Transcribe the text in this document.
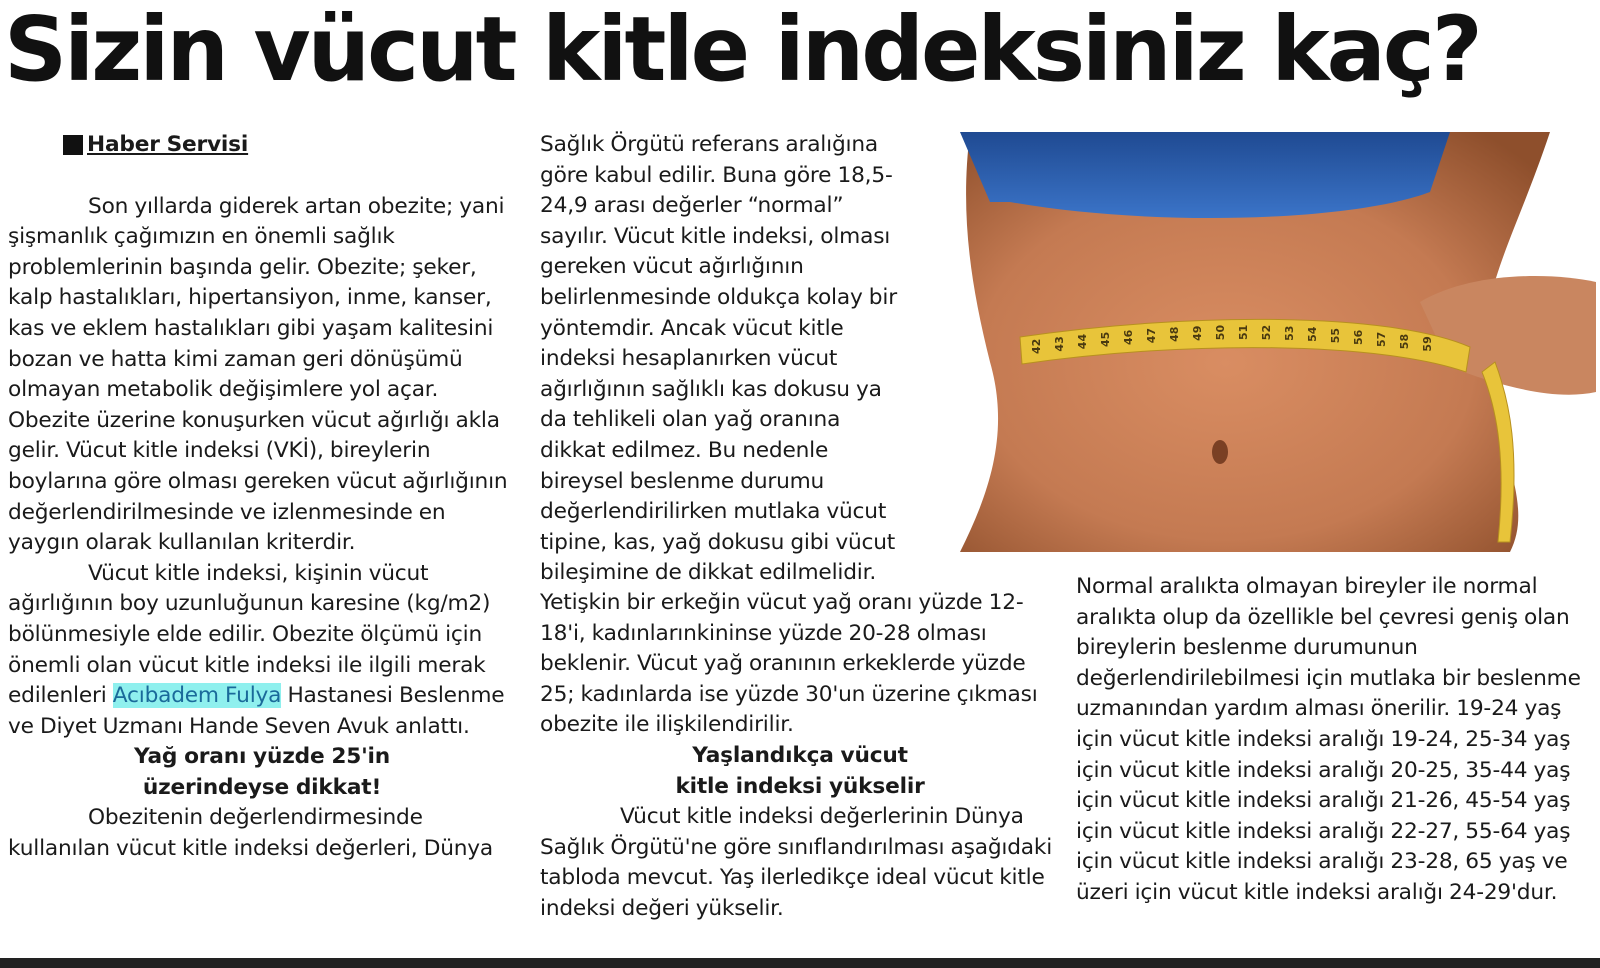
Sizin vücut kitle indeksiniz kaç?
Haber Servisi

Son yıllarda giderek artan obezite; yani şişmanlık çağımızın en önemli sağlık problemlerinin başında gelir. Obezite; şeker, kalp hastalıkları, hipertansiyon, inme, kanser, kas ve eklem hastalıkları gibi yaşam kalitesini bozan ve hatta kimi zaman geri dönüşümü olmayan metabolik değişimlere yol açar. Obezite üzerine konuşurken vücut ağırlığı akla gelir. Vücut kitle indeksi (VKİ), bireylerin boylarına göre olması gereken vücut ağırlığının değerlendirilmesinde ve izlenmesinde en yaygın olarak kullanılan kriterdir.

Vücut kitle indeksi, kişinin vücut ağırlığının boy uzunluğunun karesine (kg/m2) bölünmesiyle elde edilir. Obezite ölçümü için önemli olan vücut kitle indeksi ile ilgili merak edilenleri Acıbadem Fulya Hastanesi Beslenme ve Diyet Uzmanı Hande Seven Avuk anlattı.

Yağ oranı yüzde 25'in üzerindeyse dikkat!

Obezitenin değerlendirmesinde kullanılan vücut kitle indeksi değerleri, Dünya

Sağlık Örgütü referans aralığına göre kabul edilir. Buna göre 18,5-24,9 arası değerler “normal” sayılır. Vücut kitle indeksi, olması gereken vücut ağırlığının belirlenmesinde oldukça kolay bir yöntemdir. Ancak vücut kitle indeksi hesaplanırken vücut ağırlığının sağlıklı kas dokusu ya da tehlikeli olan yağ oranına dikkat edilmez. Bu nedenle bireysel beslenme durumu değerlendirilirken mutlaka vücut tipine, kas, yağ dokusu gibi vücut bileşimine de dikkat edilmelidir.

Yetişkin bir erkeğin vücut yağ oranı yüzde 12-18'i, kadınlarınkininse yüzde 20-28 olması beklenir. Vücut yağ oranının erkeklerde yüzde 25; kadınlarda ise yüzde 30'un üzerine çıkması obezite ile ilişkilendirilir.

Yaşlandıkça vücut
kitle indeksi yükselir

Vücut kitle indeksi değerlerinin Dünya Sağlık Örgütü'ne göre sınıflandırılması aşağıdaki tabloda mevcut. Yaş ilerledikçe ideal vücut kitle indeksi değeri yükselir.

Normal aralıkta olmayan bireyler ile normal aralıkta olup da özellikle bel çevresi geniş olan bireylerin beslenme durumunun değerlendirilebilmesi için mutlaka bir beslenme uzmanından yardım alması önerilir. 19-24 yaş için vücut kitle indeksi aralığı 19-24, 25-34 yaş için vücut kitle indeksi aralığı 20-25, 35-44 yaş için vücut kitle indeksi aralığı 21-26, 45-54 yaş için vücut kitle indeksi aralığı 22-27, 55-64 yaş için vücut kitle indeksi aralığı 23-28, 65 yaş ve üzeri için vücut kitle indeksi aralığı 24-29'dur.

42 43 44 45 46 47 48 49 50 51 52 53 54 55 56 57 58 59
